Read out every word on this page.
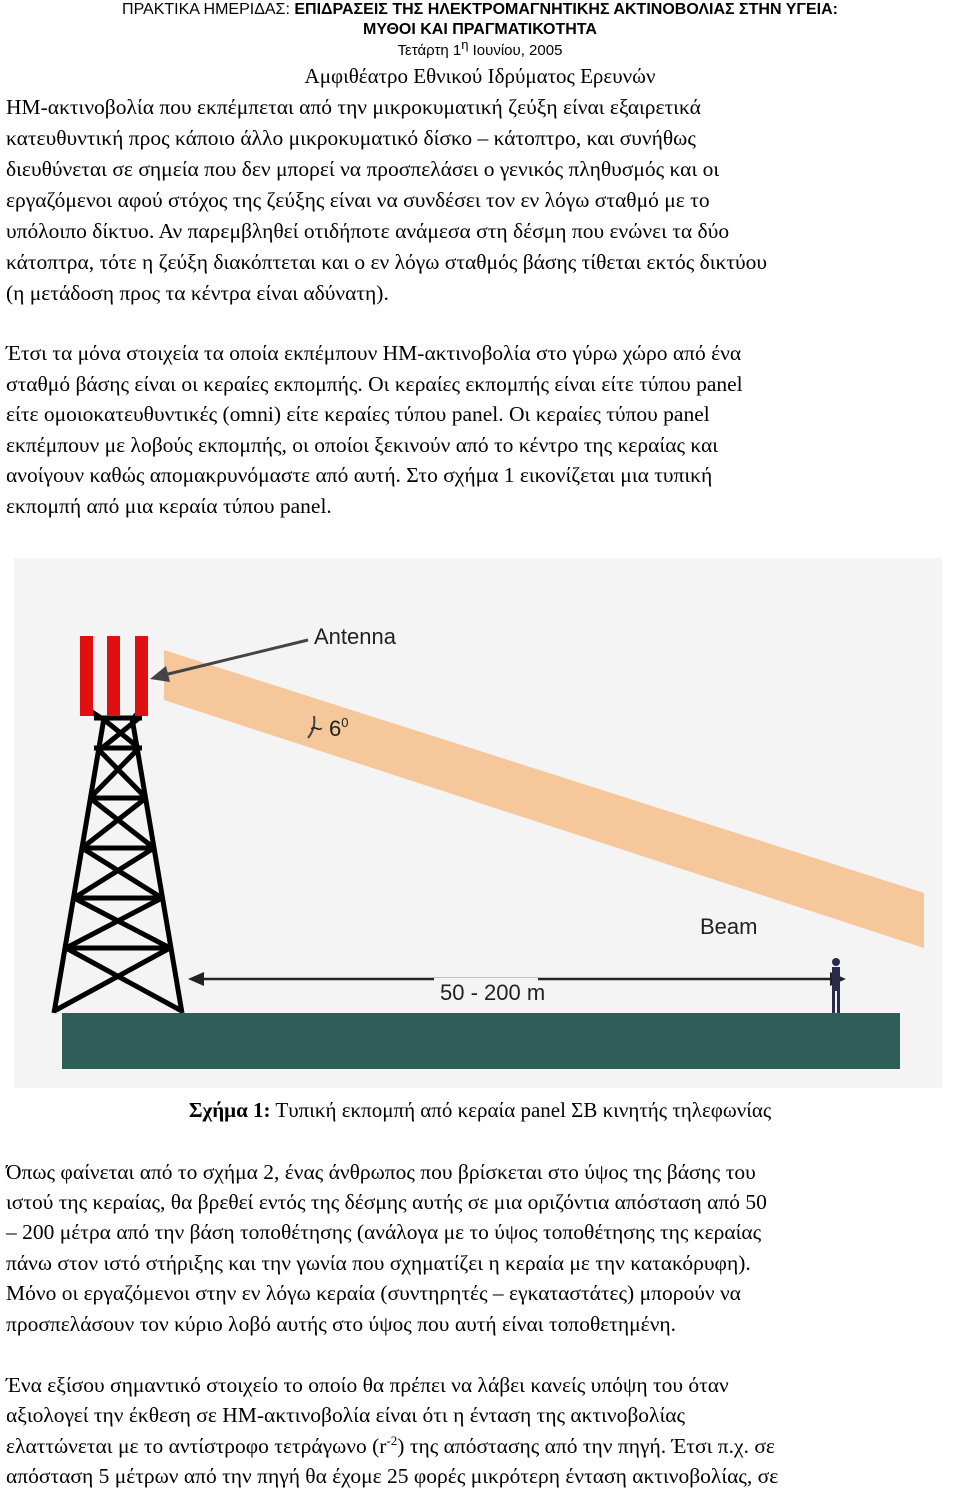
ΠΡΑΚΤΙΚΑ ΗΜΕΡΙΔΑΣ: ΕΠΙΔΡΑΣΕΙΣ ΤΗΣ ΗΛΕΚΤΡΟΜΑΓΝΗΤΙΚΗΣ ΑΚΤΙΝΟΒΟΛΙΑΣ ΣΤΗΝ ΥΓΕΙΑ:
ΜΥΘΟΙ ΚΑΙ ΠΡΑΓΜΑΤΙΚΟΤΗΤΑ
Τετάρτη $1^\eta$ Ιουνίου, 2005
Αμφιθέατρο Εθνικού Ιδρύματος Ερευνών
ΗΜ-ακτινοβολία που εκπέμπεται από την μικροκυματική ζεύξη είναι εξαιρετικά
κατευθυντική προς κάποιο άλλο μικροκυματικό δίσκο – κάτοπτρο, και συνήθως
διευθύνεται σε σημεία που δεν μπορεί να προσπελάσει ο γενικός πληθυσμός και οι
εργαζόμενοι αφού στόχος της ζεύξης είναι να συνδέσει τον εν λόγω σταθμό με το
υπόλοιπο δίκτυο. Αν παρεμβληθεί οτιδήποτε ανάμεσα στη δέσμη που ενώνει τα δύο
κάτοπτρα, τότε η ζεύξη διακόπτεται και ο εν λόγω σταθμός βάσης τίθεται εκτός δικτύου
(η μετάδοση προς τα κέντρα είναι αδύνατη).
Έτσι τα μόνα στοιχεία τα οποία εκπέμπουν ΗΜ-ακτινοβολία στο γύρω χώρο από ένα
σταθμό βάσης είναι οι κεραίες εκπομπής. Οι κεραίες εκπομπής είναι είτε τύπου panel
είτε ομοιοκατευθυντικές (omni) είτε κεραίες τύπου panel. Οι κεραίες τύπου panel
εκπέμπουν με λοβούς εκπομπής, οι οποίοι ξεκινούν από το κέντρο της κεραίας και
ανοίγουν καθώς απομακρυνόμαστε από αυτή. Στο σχήμα 1 εικονίζεται μια τυπική
εκπομπή από μια κεραία τύπου panel.
Antenna
~ $6^0$
Beam
50 - 200 m
Σχήμα 1: Τυπική εκπομπή από κεραία panel ΣΒ κινητής τηλεφωνίας
Όπως φαίνεται από το σχήμα 2, ένας άνθρωπος που βρίσκεται στο ύψος της βάσης του
ιστού της κεραίας, θα βρεθεί εντός της δέσμης αυτής σε μια οριζόντια απόσταση από 50
– 200 μέτρα από την βάση τοποθέτησης (ανάλογα με το ύψος τοποθέτησης της κεραίας
πάνω στον ιστό στήριξης και την γωνία που σχηματίζει η κεραία με την κατακόρυφη).
Μόνο οι εργαζόμενοι στην εν λόγω κεραία (συντηρητές – εγκαταστάτες) μπορούν να
προσπελάσουν τον κύριο λοβό αυτής στο ύψος που αυτή είναι τοποθετημένη.
Ένα εξίσου σημαντικό στοιχείο το οποίο θα πρέπει να λάβει κανείς υπόψη του όταν
αξιολογεί την έκθεση σε ΗΜ-ακτινοβολία είναι ότι η ένταση της ακτινοβολίας
ελαττώνεται με το αντίστροφο τετράγωνο $(r^{-2})$ της απόστασης από την πηγή. Έτσι π.χ. σε
απόσταση 5 μέτρων από την πηγή θα έχομε 25 φορές μικρότερη ένταση ακτινοβολίας, σε
